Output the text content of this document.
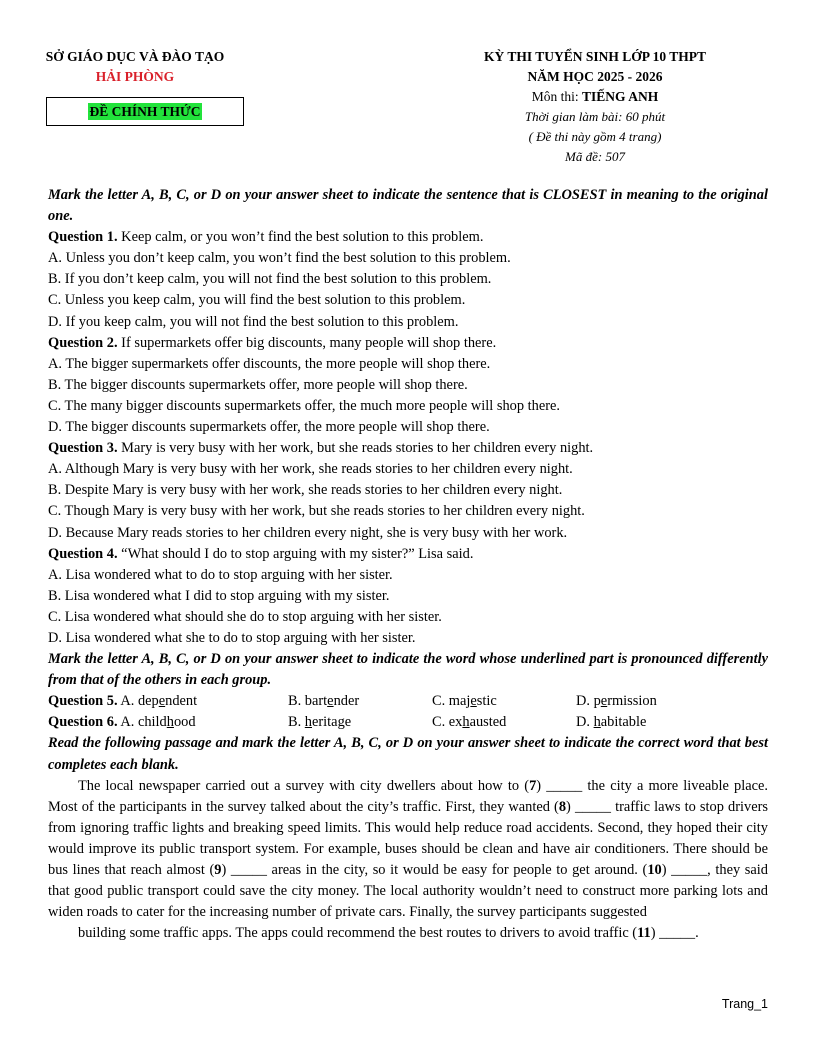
SỞ GIÁO DỤC VÀ ĐÀO TẠO
HẢI PHÒNG
ĐỀ CHÍNH THỨC
KỲ THI TUYỂN SINH LỚP 10 THPT
NĂM HỌC 2025 - 2026
Môn thi: TIẾNG ANH
Thời gian làm bài: 60 phút
( Đề thi này gồm 4 trang)
Mã đề: 507
Mark the letter A, B, C, or D on your answer sheet to indicate the sentence that is CLOSEST in meaning to the original one.
Question 1. Keep calm, or you won’t find the best solution to this problem.
A. Unless you don’t keep calm, you won’t find the best solution to this problem.
B. If you don’t keep calm, you will not find the best solution to this problem.
C. Unless you keep calm, you will find the best solution to this problem.
D. If you keep calm, you will not find the best solution to this problem.
Question 2. If supermarkets offer big discounts, many people will shop there.
A. The bigger supermarkets offer discounts, the more people will shop there.
B. The bigger discounts supermarkets offer, more people will shop there.
C. The many bigger discounts supermarkets offer, the much more people will shop there.
D. The bigger discounts supermarkets offer, the more people will shop there.
Question 3. Mary is very busy with her work, but she reads stories to her children every night.
A. Although Mary is very busy with her work, she reads stories to her children every night.
B. Despite Mary is very busy with her work, she reads stories to her children every night.
C. Though Mary is very busy with her work, but she reads stories to her children every night.
D. Because Mary reads stories to her children every night, she is very busy with her work.
Question 4. “What should I do to stop arguing with my sister?” Lisa said.
A. Lisa wondered what to do to stop arguing with her sister.
B. Lisa wondered what I did to stop arguing with my sister.
C. Lisa wondered what should she do to stop arguing with her sister.
D. Lisa wondered what she to do to stop arguing with her sister.
Mark the letter A, B, C, or D on your answer sheet to indicate the word whose underlined part is pronounced differently from that of the others in each group.
Question 5. A. dependent	B. bartender	C. majestic	D. permission
Question 6. A. childhood	B. heritage	C. exhausted	D. habitable
Read the following passage and mark the letter A, B, C, or D on your answer sheet to indicate the correct word that best completes each blank.
The local newspaper carried out a survey with city dwellers about how to (7) _____ the city a more liveable place. Most of the participants in the survey talked about the city’s traffic. First, they wanted (8) _____ traffic laws to stop drivers from ignoring traffic lights and breaking speed limits. This would help reduce road accidents. Second, they hoped their city would improve its public transport system. For example, buses should be clean and have air conditioners. There should be bus lines that reach almost (9) _____ areas in the city, so it would be easy for people to get around. (10) _____, they said that good public transport could save the city money. The local authority wouldn’t need to construct more parking lots and widen roads to cater for the increasing number of private cars. Finally, the survey participants suggested
building some traffic apps. The apps could recommend the best routes to drivers to avoid traffic (11) _____.
Trang_1
